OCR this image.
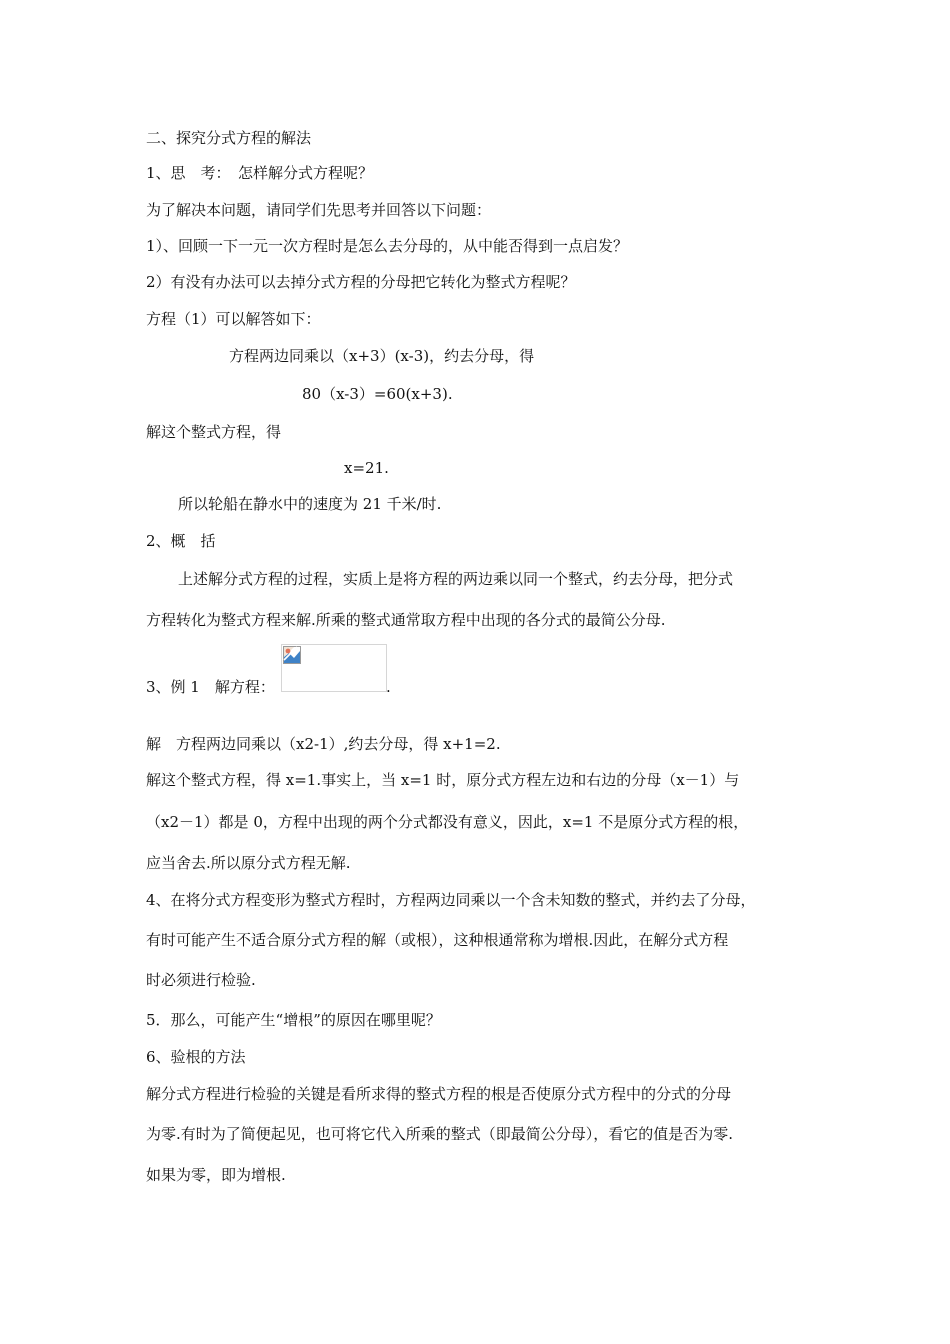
二、探究分式方程的解法
1、思　考：　怎样解分式方程呢？
为了解决本问题，请同学们先思考并回答以下问题：
1）、回顾一下一元一次方程时是怎么去分母的，从中能否得到一点启发？
2）有没有办法可以去掉分式方程的分母把它转化为整式方程呢？
方程（1）可以解答如下：
方程两边同乘以（x+3）(x-3)，约去分母，得
80（x-3）=60(x+3).
解这个整式方程，得
x=21.
所以轮船在静水中的速度为 21 千米/时.
2、概　括
上述解分式方程的过程，实质上是将方程的两边乘以同一个整式，约去分母，把分式
方程转化为整式方程来解.所乘的整式通常取方程中出现的各分式的最简公分母.
3、例 1　解方程：	.
解　方程两边同乘以（x2-1）,约去分母，得 x+1=2.
解这个整式方程，得 x=1.事实上，当 x=1 时，原分式方程左边和右边的分母（x－1）与
（x2－1）都是 0，方程中出现的两个分式都没有意义，因此，x=1 不是原分式方程的根，
应当舍去.所以原分式方程无解.
4、在将分式方程变形为整式方程时，方程两边同乘以一个含未知数的整式，并约去了分母，
有时可能产生不适合原分式方程的解（或根），这种根通常称为增根.因此，在解分式方程
时必须进行检验.
5．那么，可能产生“增根”的原因在哪里呢？
6、验根的方法
解分式方程进行检验的关键是看所求得的整式方程的根是否使原分式方程中的分式的分母
为零.有时为了简便起见，也可将它代入所乘的整式（即最简公分母），看它的值是否为零.
如果为零，即为增根.
